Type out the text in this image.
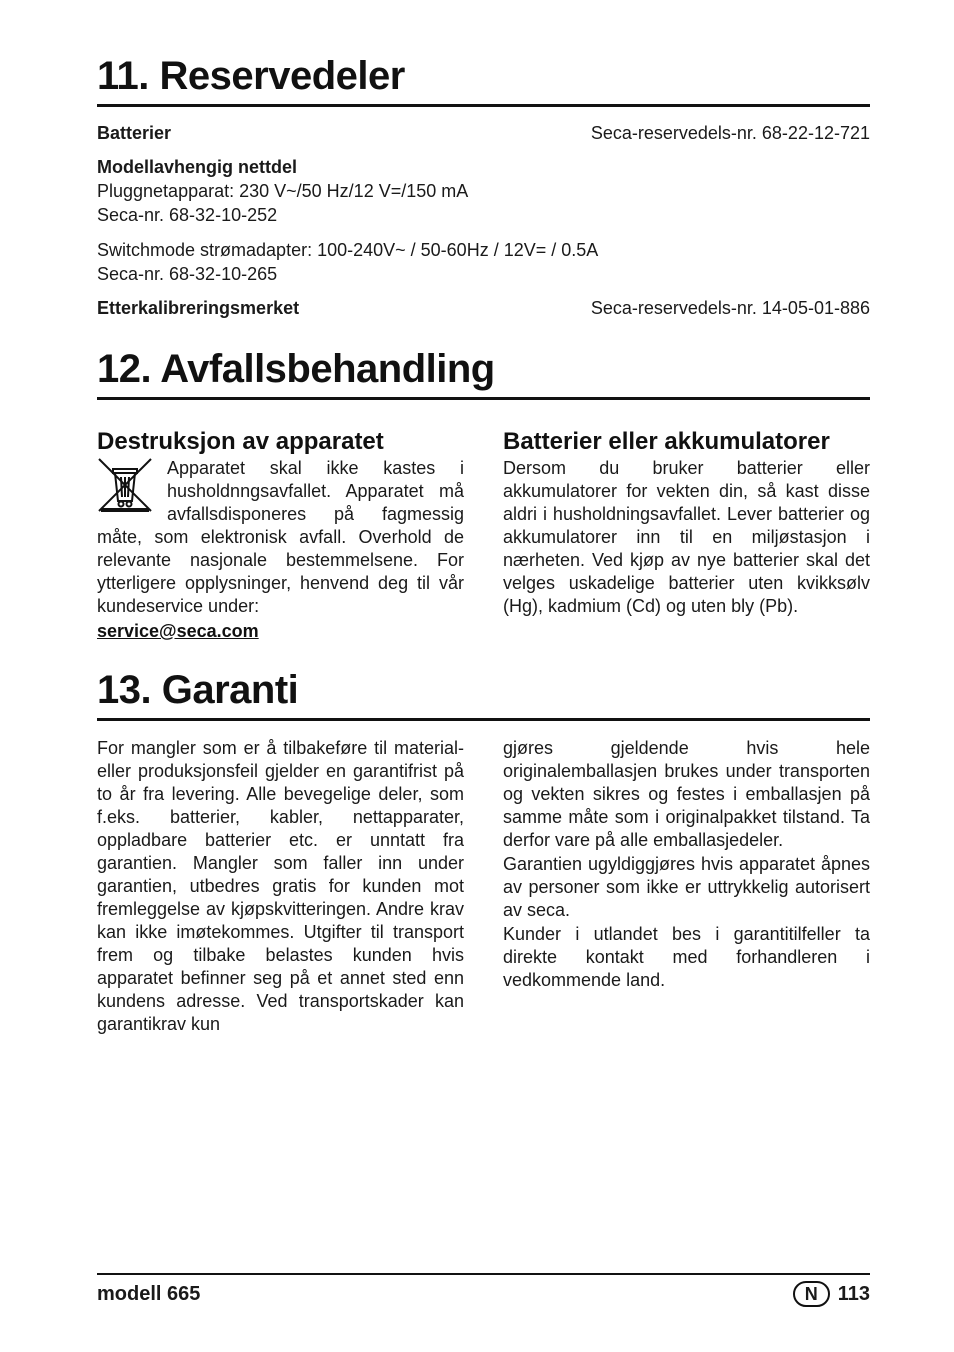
11. Reservedeler
Batterier	Seca-reservedels-nr. 68-22-12-721

Modellavhengig nettdel

Pluggnetapparat: 230 V~/50 Hz/12 V=/150 mA

Seca-nr. 68-32-10-252

Switchmode strømadapter: 100-240V~ / 50-60Hz / 12V= / 0.5A

Seca-nr. 68-32-10-265

Etterkalibreringsmerket	Seca-reservedels-nr. 14-05-01-886
12. Avfallsbehandling
Destruksjon av apparatet

Apparatet skal ikke kastes i husholdnngsavfallet. Apparatet må avfallsdisponeres på fagmessig måte, som elektronisk avfall. Overhold de relevante nasjonale bestemmelsene. For ytterligere opplysninger, henvend deg til vår kundeservice under:

service@seca.com
Batterier eller akkumulatorer

Dersom du bruker batterier eller akkumulatorer for vekten din, så kast disse aldri i husholdningsavfallet. Lever batterier og akkumulatorer inn til en miljøstasjon i nærheten. Ved kjøp av nye batterier skal det velges uskadelige batterier uten kvikksølv (Hg), kadmium (Cd) og uten bly (Pb).

13. Garanti

For mangler som er å tilbakeføre til material- eller produksjonsfeil gjelder en garantifrist på to år fra levering. Alle bevegelige deler, som f.eks. batterier, kabler, nettapparater, oppladbare batterier etc. er unntatt fra garantien. Mangler som faller inn under garantien, utbedres gratis for kunden mot fremleggelse av kjøpskvitteringen. Andre krav kan ikke imøtekommes. Utgifter til transport frem og tilbake belastes kunden hvis apparatet befinner seg på et annet sted enn kundens adresse. Ved transportskader kan garantikrav kun

gjøres gjeldende hvis hele originalemballasjen brukes under transporten og vekten sikres og festes i emballasjen på samme måte som i originalpakket tilstand. Ta derfor vare på alle emballasjedeler.

Garantien ugyldiggjøres hvis apparatet åpnes av personer som ikke er uttrykkelig autorisert av seca.

Kunder i utlandet bes i garantitilfeller ta direkte kontakt med forhandleren i vedkommende land.

modell 665	N 113
